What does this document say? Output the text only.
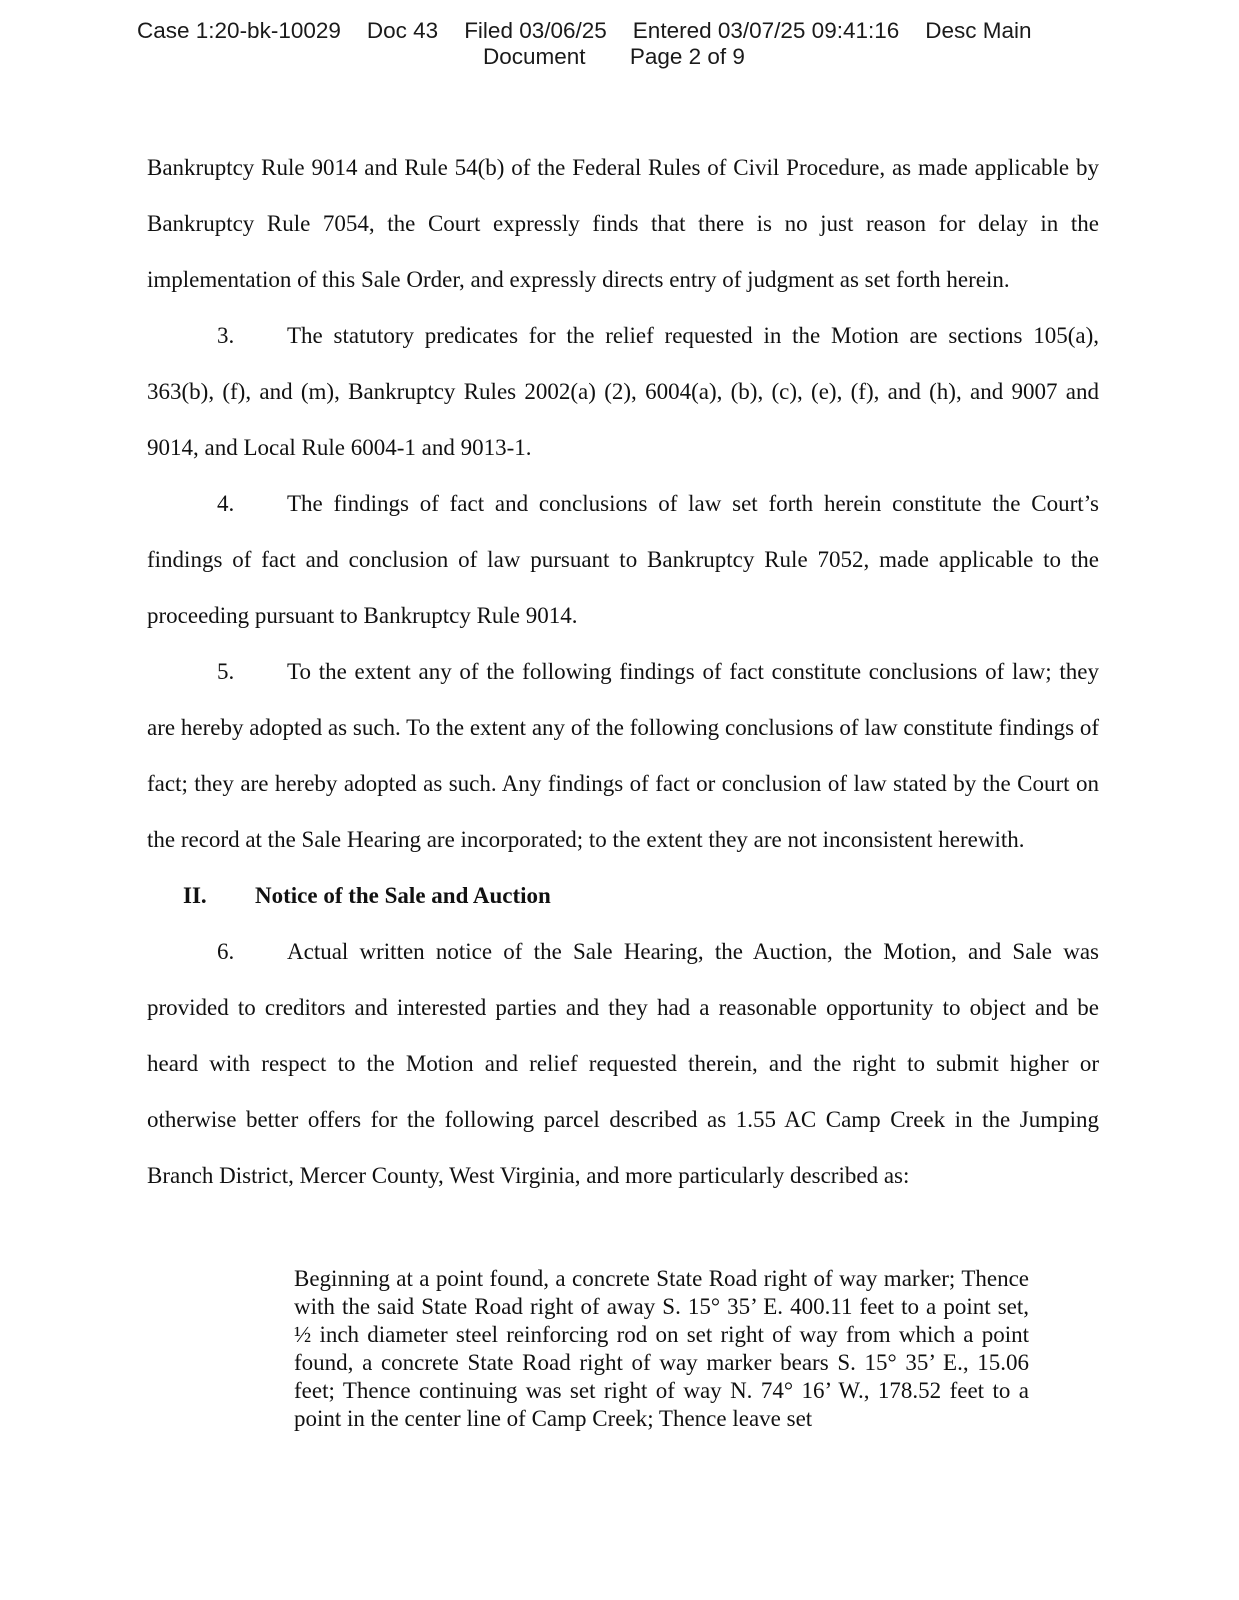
Case 1:20-bk-10029 Doc 43 Filed 03/06/25 Entered 03/07/25 09:41:16 Desc Main
Document Page 2 of 9

Bankruptcy Rule 9014 and Rule 54(b) of the Federal Rules of Civil Procedure, as made applicable by Bankruptcy Rule 7054, the Court expressly finds that there is no just reason for delay in the implementation of this Sale Order, and expressly directs entry of judgment as set forth herein.

3. The statutory predicates for the relief requested in the Motion are sections 105(a), 363(b), (f), and (m), Bankruptcy Rules 2002(a) (2), 6004(a), (b), (c), (e), (f), and (h), and 9007 and 9014, and Local Rule 6004-1 and 9013-1.

4. The findings of fact and conclusions of law set forth herein constitute the Court’s findings of fact and conclusion of law pursuant to Bankruptcy Rule 7052, made applicable to the proceeding pursuant to Bankruptcy Rule 9014.

5. To the extent any of the following findings of fact constitute conclusions of law; they are hereby adopted as such. To the extent any of the following conclusions of law constitute findings of fact; they are hereby adopted as such. Any findings of fact or conclusion of law stated by the Court on the record at the Sale Hearing are incorporated; to the extent they are not inconsistent herewith.

II. Notice of the Sale and Auction

6. Actual written notice of the Sale Hearing, the Auction, the Motion, and Sale was provided to creditors and interested parties and they had a reasonable opportunity to object and be heard with respect to the Motion and relief requested therein, and the right to submit higher or otherwise better offers for the following parcel described as 1.55 AC Camp Creek in the Jumping Branch District, Mercer County, West Virginia, and more particularly described as:

Beginning at a point found, a concrete State Road right of way marker; Thence with the said State Road right of away S. 15° 35’ E. 400.11 feet to a point set, ½ inch diameter steel reinforcing rod on set right of way from which a point found, a concrete State Road right of way marker bears S. 15° 35’ E., 15.06 feet; Thence continuing was set right of way N. 74° 16’ W., 178.52 feet to a point in the center line of Camp Creek; Thence leave set
